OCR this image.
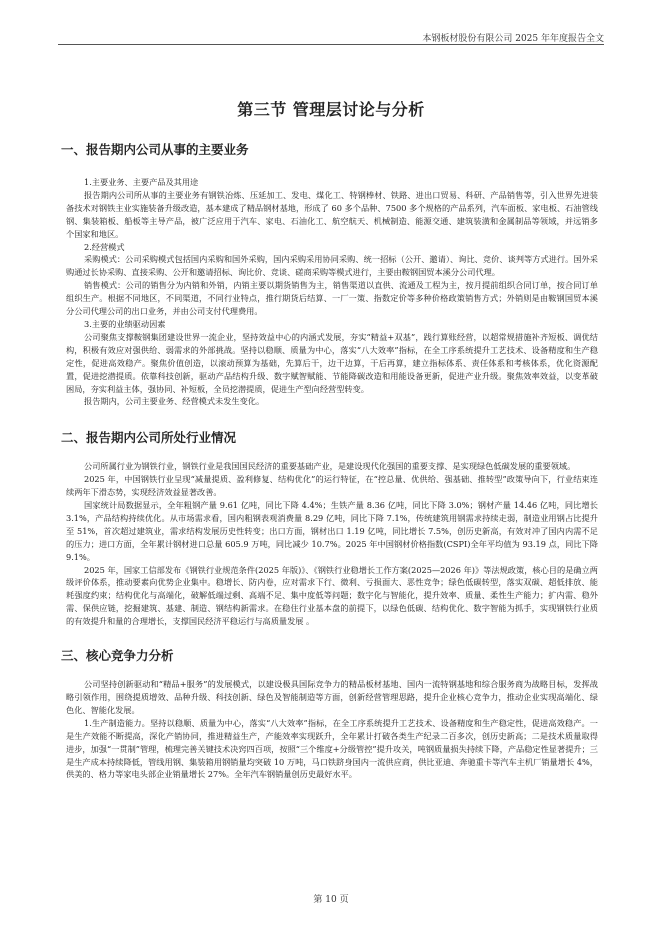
本钢板材股份有限公司 2025 年年度报告全文
第三节 管理层讨论与分析
一、报告期内公司从事的主要业务

1.主要业务、主要产品及其用途

报告期内公司所从事的主要业务有钢铁冶炼、压延加工、发电、煤化工、特钢棒材、铁路、进出口贸易、科研、产品销售等，引入世界先进装备技术对钢铁主业实施装备升级改造，基本建成了精品钢材基地，形成了 60 多个品种、7500 多个规格的产品系列，汽车面板、家电板、石油管线钢、集装箱板、船板等主导产品，被广泛应用于汽车、家电、石油化工、航空航天、机械制造、能源交通、建筑装潢和金属制品等领域，并远销多个国家和地区。

2.经营模式

采购模式：公司采购模式包括国内采购和国外采购，国内采购采用协同采购、统一招标（公开、邀请）、询比、竞价、谈判等方式进行。国外采购通过长协采购、直接采购、公开和邀请招标、询比价、竞谈、磋商采购等模式进行，主要由鞍钢国贸本溪分公司代理。

销售模式：公司的销售分为内销和外销，内销主要以期货销售为主，销售渠道以直供、流通及工程为主，按月提前组织合同订单，按合同订单组织生产。根据不同地区，不同渠道，不同行业特点，推行期货后结算、一厂一策、指数定价等多种价格政策销售方式；外销则是由鞍钢国贸本溪分公司代理公司的出口业务，并由公司支付代理费用。

3.主要的业绩驱动因素

公司聚焦支撑鞍钢集团建设世界一流企业，坚持效益中心的内涵式发展，夯实“精益+双基”，践行算账经营，以超常规措施补齐短板、调优结构，积极有效应对强供给、弱需求的外部挑战。坚持以稳顺、质量为中心，落实“八大效率”指标，在全工序系统提升工艺技术、设备精度和生产稳定性，促进高效稳产。聚焦价值创造，以滚动预算为基础，先算后干，边干边算，干后再算，建立指标体系、责任体系和考核体系，优化资源配置，促进挖潜提质。依靠科技创新，驱动产品结构升级、数字赋智赋能、节能降碳改造和用能设备更新，促进产业升级。聚焦效率效益，以变革破困局，夯实利益主体，强协同、补短板，全员挖潜提质，促进生产型向经营型转变。

报告期内，公司主要业务、经营模式未发生变化。

二、报告期内公司所处行业情况

公司所属行业为钢铁行业，钢铁行业是我国国民经济的重要基础产业，是建设现代化强国的重要支撑、是实现绿色低碳发展的重要领域。

2025 年，中国钢铁行业呈现“减量提质、盈利修复、结构优化”的运行特征，在“控总量、优供给、强基础、推转型”政策导向下，行业结束连续两年下滑态势，实现经济效益显著改善。

国家统计局数据显示，全年粗钢产量 9.61 亿吨，同比下降 4.4%；生铁产量 8.36 亿吨，同比下降 3.0%；钢材产量 14.46 亿吨，同比增长 3.1%，产品结构持续优化。从市场需求看，国内粗钢表观消费量 8.29 亿吨，同比下降 7.1%，传统建筑用钢需求持续走弱，制造业用钢占比提升至 51%，首次超过建筑业，需求结构发展历史性转变；出口方面，钢材出口 1.19 亿吨，同比增长 7.5%，创历史新高，有效对冲了国内内需不足的压力；进口方面，全年累计钢材进口总量 605.9 万吨，同比减少 10.7%。2025 年中国钢材价格指数(CSPI)全年平均值为 93.19 点，同比下降 9.1%。

2025 年，国家工信部发布《钢铁行业规范条件(2025 年版)》、《钢铁行业稳增长工作方案(2025—2026 年)》等法规政策，核心目的是确立两级评价体系，推动要素向优势企业集中。稳增长、防内卷，应对需求下行、微利、亏损面大、恶性竞争；绿色低碳转型，落实双碳、超低排放、能耗强度约束；结构优化与高端化，破解低端过剩、高端不足、集中度低等问题；数字化与智能化，提升效率、质量、柔性生产能力；扩内需、稳外需、保供应链，挖掘建筑、基建、制造、钢结构新需求。在稳住行业基本盘的前提下，以绿色低碳、结构优化、数字智能为抓手，实现钢铁行业质的有效提升和量的合理增长，支撑国民经济平稳运行与高质量发展 。

三、核心竞争力分析

公司坚持创新驱动和“精品+服务”的发展模式，以建设极具国际竞争力的精品板材基地、国内一流特钢基地和综合服务商为战略目标，发挥战略引领作用，围绕提质增效、品种升级、科技创新、绿色及智能制造等方面，创新经营管理思路，提升企业核心竞争力，推动企业实现高端化、绿色化、智能化发展。

1.生产制造能力。坚持以稳顺、质量为中心，落实“八大效率”指标，在全工序系统提升工艺技术、设备精度和生产稳定性，促进高效稳产。一是生产效能不断提高，深化产销协同，推进精益生产，产能效率实现跃升，全年累计打破各类生产纪录二百多次，创历史新高；二是技术质量取得进步，加强“一贯制”管理，梳理完善关键技术决窍四百项，按照“三个维度+分级管控”提升攻关，吨钢质量损失持续下降，产品稳定性显著提升；三是生产成本持续降低，管线用钢、集装箱用钢销量均突破 10 万吨，马口铁跻身国内一流供应商，供比亚迪、奔驰重卡等汽车主机厂销量增长 4%，供美的、格力等家电头部企业销量增长 27%。全年汽车钢销量创历史最好水平。

第 10 页
